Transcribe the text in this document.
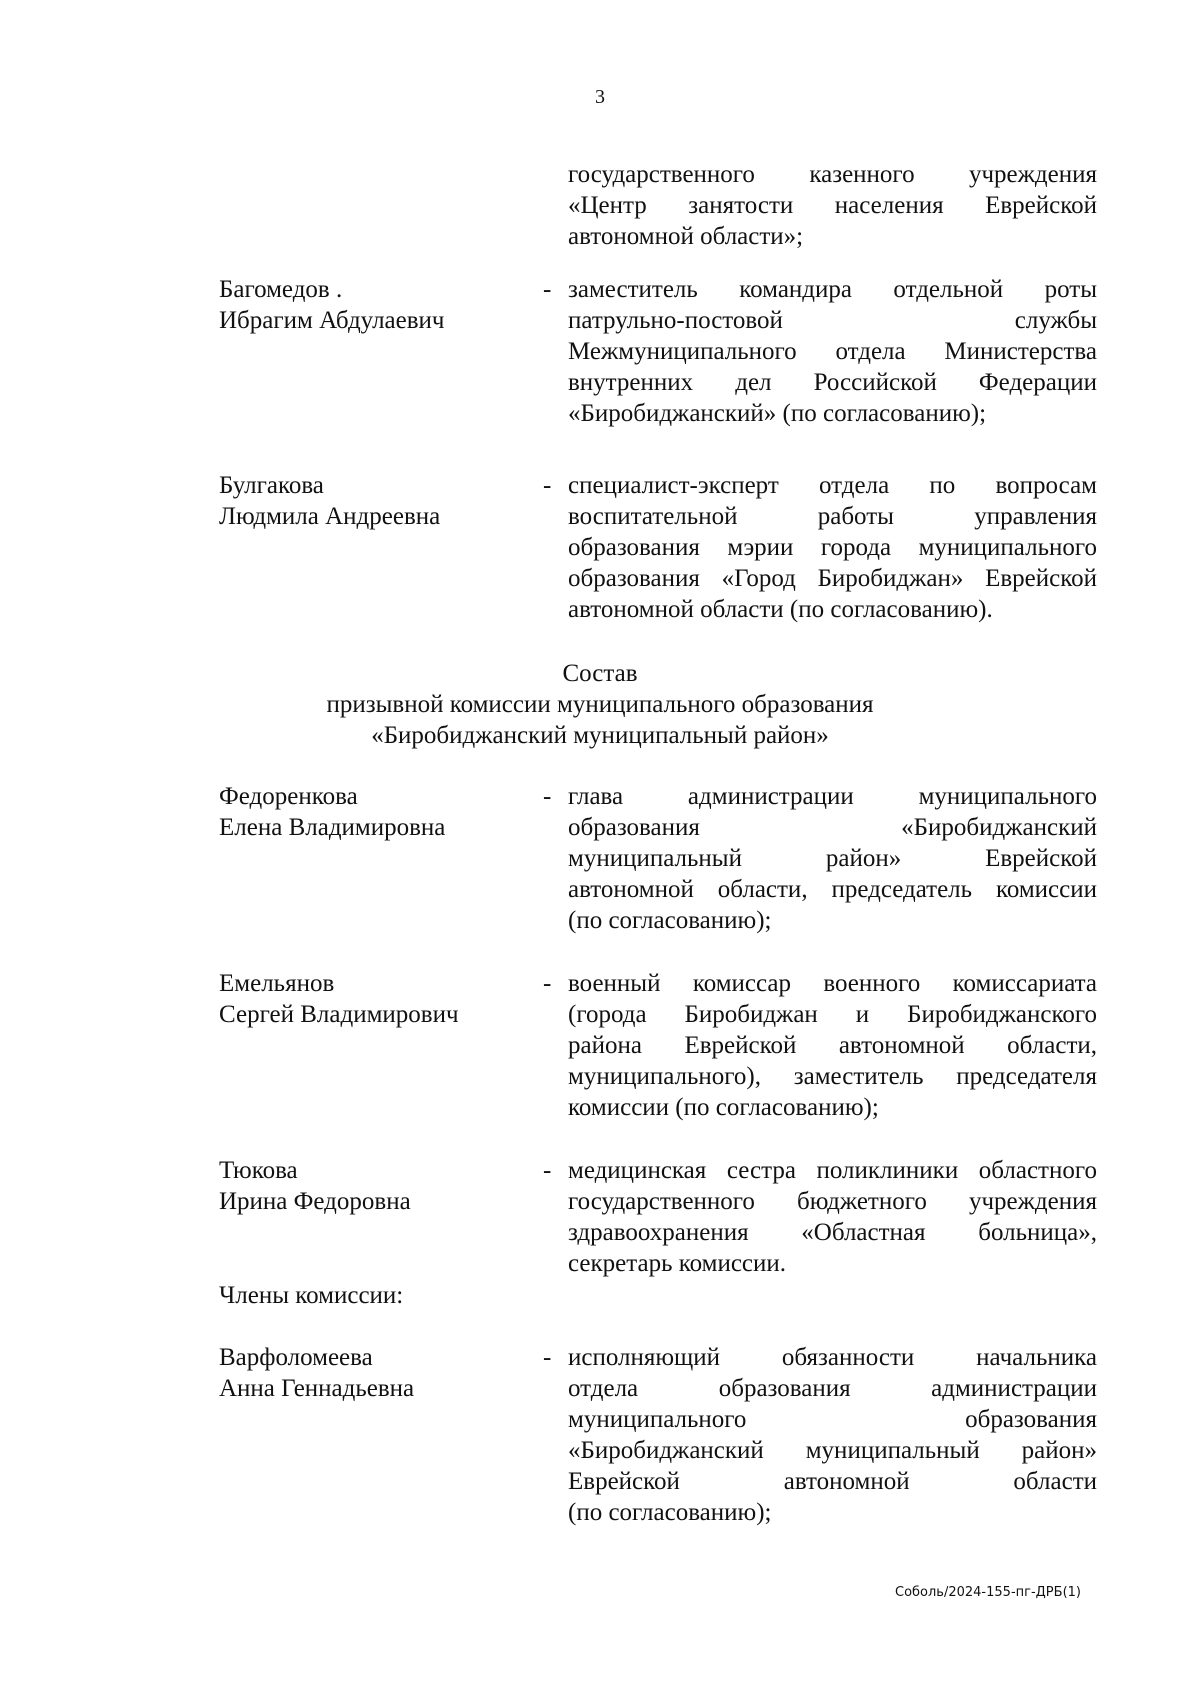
3
государственного казенного учреждения
«Центр занятости населения Еврейской
автономной области»;
Багомедов .
Ибрагим Абдулаевич
- заместитель командира отдельной роты
патрульно-постовой службы
Межмуниципального отдела Министерства
внутренних дел Российской Федерации
«Биробиджанский» (по согласованию);
Булгакова
Людмила Андреевна
- специалист-эксперт отдела по вопросам
воспитательной работы управления
образования мэрии города муниципального
образования «Город Биробиджан» Еврейской
автономной области (по согласованию).
Состав
призывной комиссии муниципального образования
«Биробиджанский муниципальный район»
Федоренкова
Елена Владимировна
- глава администрации муниципального
образования «Биробиджанский
муниципальный район» Еврейской
автономной области, председатель комиссии
(по согласованию);
Емельянов
Сергей Владимирович
- военный комиссар военного комиссариата
(города Биробиджан и Биробиджанского
района Еврейской автономной области,
муниципального), заместитель председателя
комиссии (по согласованию);
Тюкова
Ирина Федоровна
- медицинская сестра поликлиники областного
государственного бюджетного учреждения
здравоохранения «Областная больница»,
секретарь комиссии.
Члены комиссии:
Варфоломеева
Анна Геннадьевна
- исполняющий обязанности начальника
отдела образования администрации
муниципального образования
«Биробиджанский муниципальный район»
Еврейской автономной области
(по согласованию);
Соболь/2024-155-пг-ДРБ(1)
